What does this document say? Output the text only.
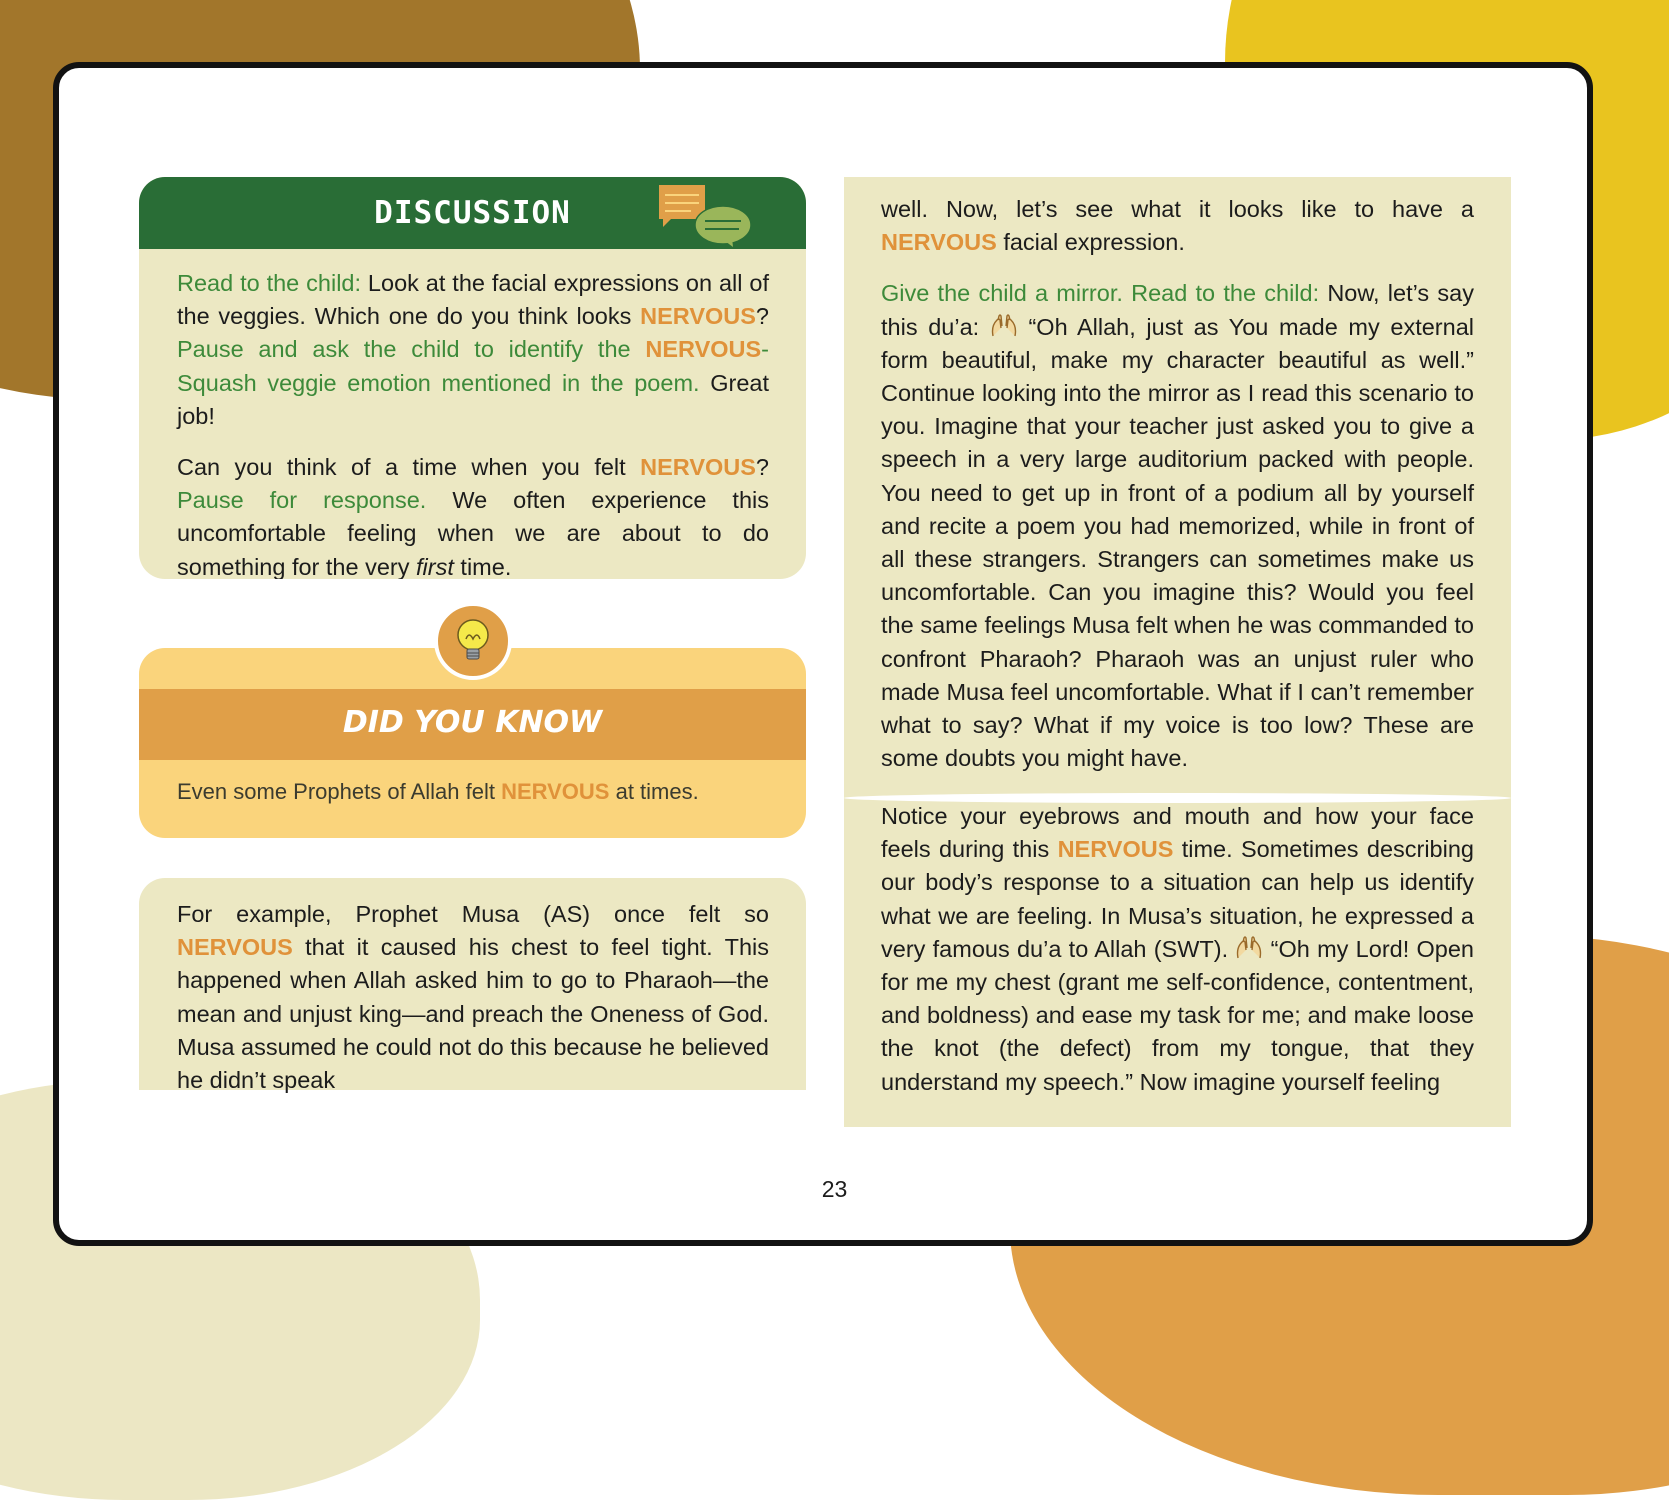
DISCUSSION

Read to the child: Look at the facial expressions on all of the veggies. Which one do you think looks NERVOUS? Pause and ask the child to identify the NERVOUS-Squash veggie emotion mentioned in the poem. Great job!

Can you think of a time when you felt NERVOUS? Pause for response. We often experience this uncomfortable feeling when we are about to do something for the very first time.

DID YOU KNOW
Even some Prophets of Allah felt NERVOUS at times.

For example, Prophet Musa (AS) once felt so NERVOUS that it caused his chest to feel tight. This happened when Allah asked him to go to Pharaoh—the mean and unjust king—and preach the Oneness of God. Musa assumed he could not do this because he believed he didn’t speak

well. Now, let’s see what it looks like to have a NERVOUS facial expression.

Give the child a mirror. Read to the child: Now, let’s say this du’a:  “Oh Allah, just as You made my external form beautiful, make my character beautiful as well.” Continue looking into the mirror as I read this scenario to you. Imagine that your teacher just asked you to give a speech in a very large auditorium packed with people. You need to get up in front of a podium all by yourself and recite a poem you had memorized, while in front of all these strangers. Strangers can sometimes make us uncomfortable. Can you imagine this? Would you feel the same feelings Musa felt when he was commanded to confront Pharaoh? Pharaoh was an unjust ruler who made Musa feel uncomfortable. What if I can’t remember what to say? What if my voice is too low? These are some doubts you might have.

Notice your eyebrows and mouth and how your face feels during this NERVOUS time. Sometimes describing our body’s response to a situation can help us identify what we are feeling. In Musa’s situation, he expressed a very famous du’a to Allah (SWT).  “Oh my Lord! Open for me my chest (grant me self-confidence, contentment, and boldness) and ease my task for me; and make loose the knot (the defect) from my tongue, that they understand my speech.” Now imagine yourself feeling

23
